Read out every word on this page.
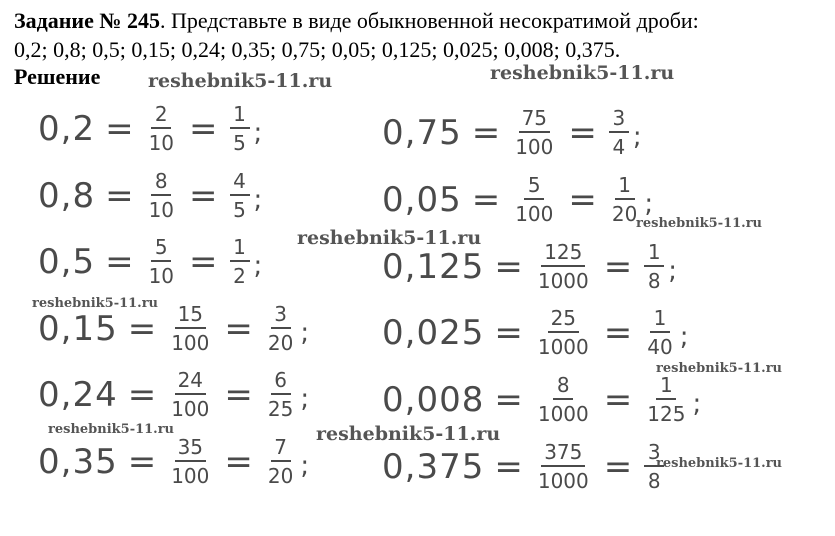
Задание № 245. Представьте в виде обыкновенной несократимой дроби:
0,2; 0,8; 0,5; 0,15; 0,24; 0,35; 0,75; 0,05; 0,125; 0,025; 0,008; 0,375.
Решение	reshebnik5-11.ru	reshebnik5-11.ru
reshebnik5-11.ru
reshebnik5-11.ru
reshebnik5-11.ru
reshebnik5-11.ru
reshebnik5-11.ru
reshebnik5-11.ru
reshebnik5-11.ru
$0,2 = \frac{2}{10} = \frac{1}{5}$ ;
$0,8 = \frac{8}{10} = \frac{4}{5}$ ;
$0,5 = \frac{5}{10} = \frac{1}{2}$ ;
$0,15 = \frac{15}{100} = \frac{3}{20}$ ;
$0,24 = \frac{24}{100} = \frac{6}{25}$ ;
$0,35 = \frac{35}{100} = \frac{7}{20}$ ;
$0,75 = \frac{75}{100} = \frac{3}{4}$ ;
$0,05 = \frac{5}{100} = \frac{1}{20}$ ;
$0,125 = \frac{125}{1000} = \frac{1}{8}$ ;
$0,025 = \frac{25}{1000} = \frac{1}{40}$ ;
$0,008 = \frac{8}{1000} = \frac{1}{125}$ ;
$0,375 = \frac{375}{1000} = \frac{3}{8}$
